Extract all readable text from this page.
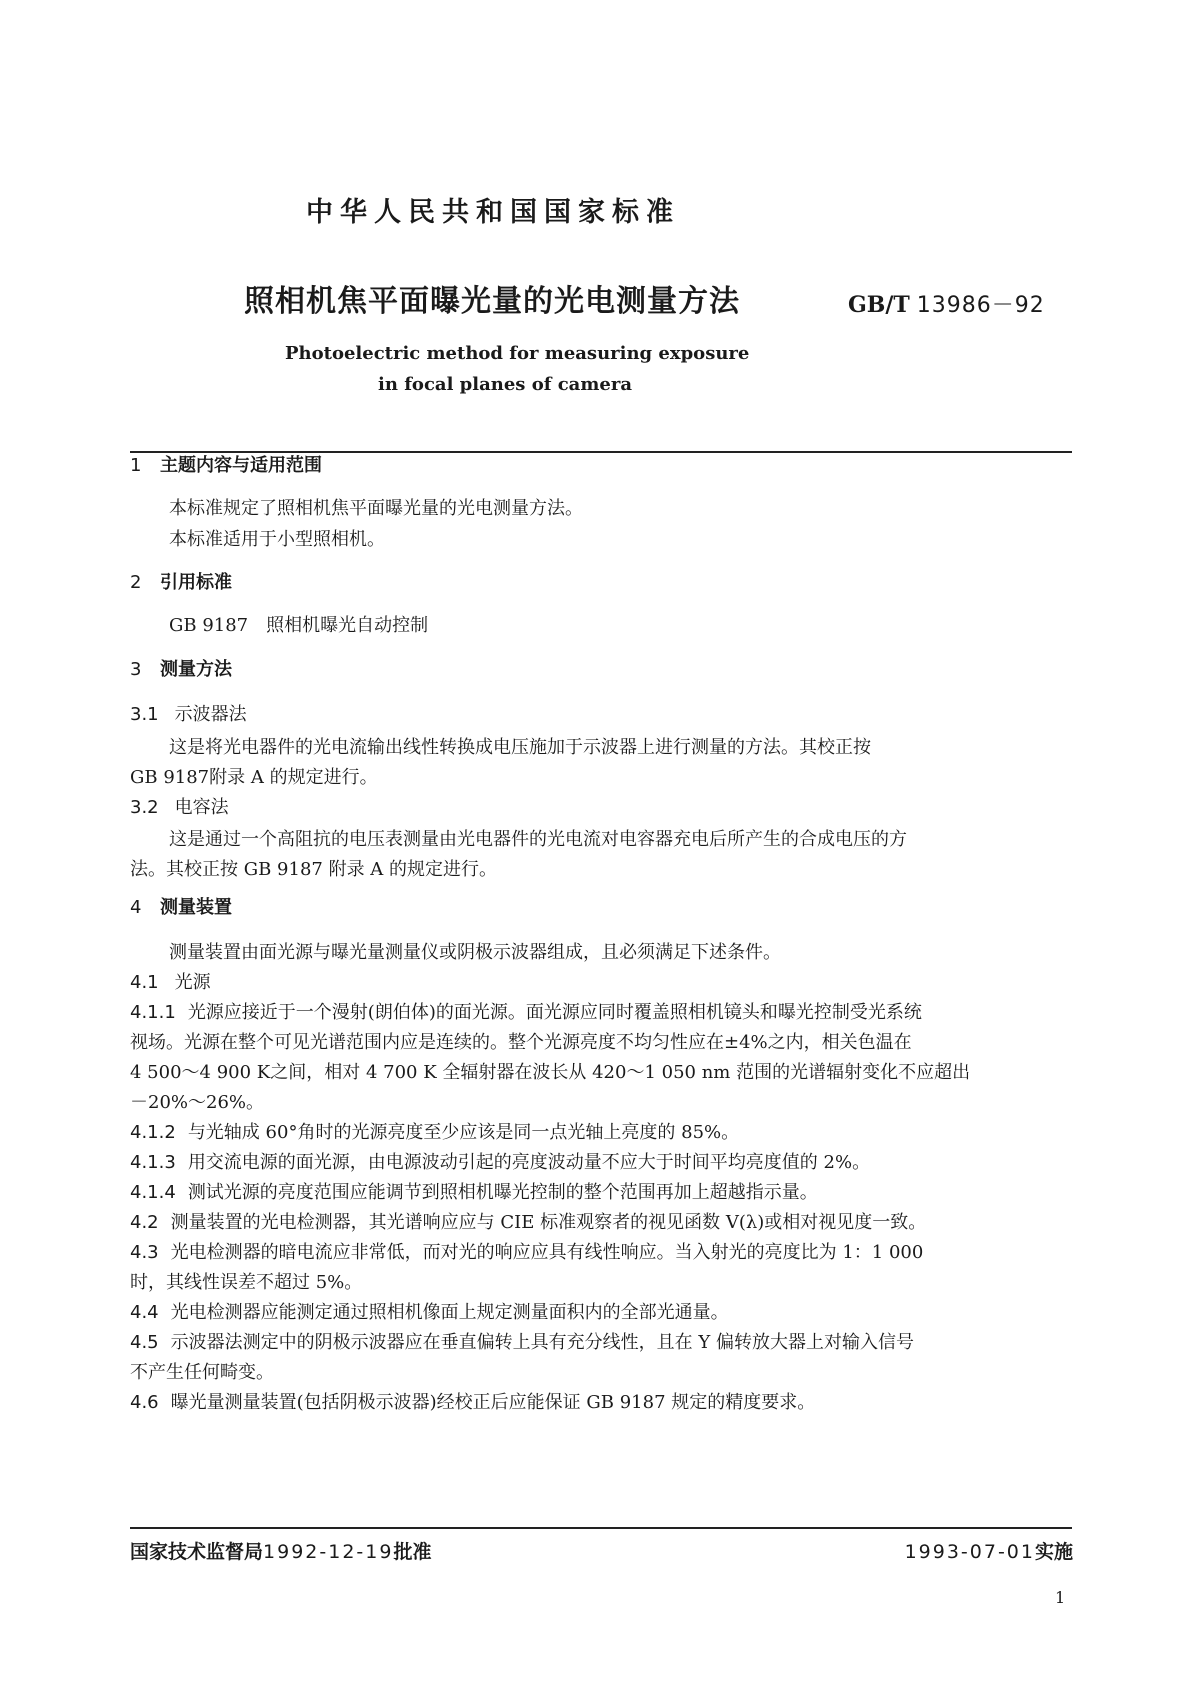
中华人民共和国国家标准
照相机焦平面曝光量的光电测量方法	GB/T 13986－92
Photoelectric method for measuring exposure
in focal planes of camera
1 主题内容与适用范围
本标准规定了照相机焦平面曝光量的光电测量方法。
本标准适用于小型照相机。
2 引用标准
GB 9187 照相机曝光自动控制
3 测量方法
3.1 示波器法
这是将光电器件的光电流输出线性转换成电压施加于示波器上进行测量的方法。其校正按
GB 9187附录 A 的规定进行。
3.2 电容法
这是通过一个高阻抗的电压表测量由光电器件的光电流对电容器充电后所产生的合成电压的方
法。其校正按 GB 9187 附录 A 的规定进行。
4 测量装置
测量装置由面光源与曝光量测量仪或阴极示波器组成，且必须满足下述条件。
4.1 光源
4.1.1 光源应接近于一个漫射(朗伯体)的面光源。面光源应同时覆盖照相机镜头和曝光控制受光系统
视场。光源在整个可见光谱范围内应是连续的。整个光源亮度不均匀性应在±4%之内，相关色温在
4 500～4 900 K之间，相对 4 700 K 全辐射器在波长从 420～1 050 nm 范围的光谱辐射变化不应超出
－20%～26%。
4.1.2 与光轴成 60°角时的光源亮度至少应该是同一点光轴上亮度的 85%。
4.1.3 用交流电源的面光源，由电源波动引起的亮度波动量不应大于时间平均亮度值的 2%。
4.1.4 测试光源的亮度范围应能调节到照相机曝光控制的整个范围再加上超越指示量。
4.2 测量装置的光电检测器，其光谱响应应与 CIE 标准观察者的视见函数 V(λ)或相对视见度一致。
4.3 光电检测器的暗电流应非常低，而对光的响应应具有线性响应。当入射光的亮度比为 1：1 000
时，其线性误差不超过 5%。
4.4 光电检测器应能测定通过照相机像面上规定测量面积内的全部光通量。
4.5 示波器法测定中的阴极示波器应在垂直偏转上具有充分线性，且在 Y 偏转放大器上对输入信号
不产生任何畸变。
4.6 曝光量测量装置(包括阴极示波器)经校正后应能保证 GB 9187 规定的精度要求。
国家技术监督局1992-12-19批准	1993-07-01实施
1
